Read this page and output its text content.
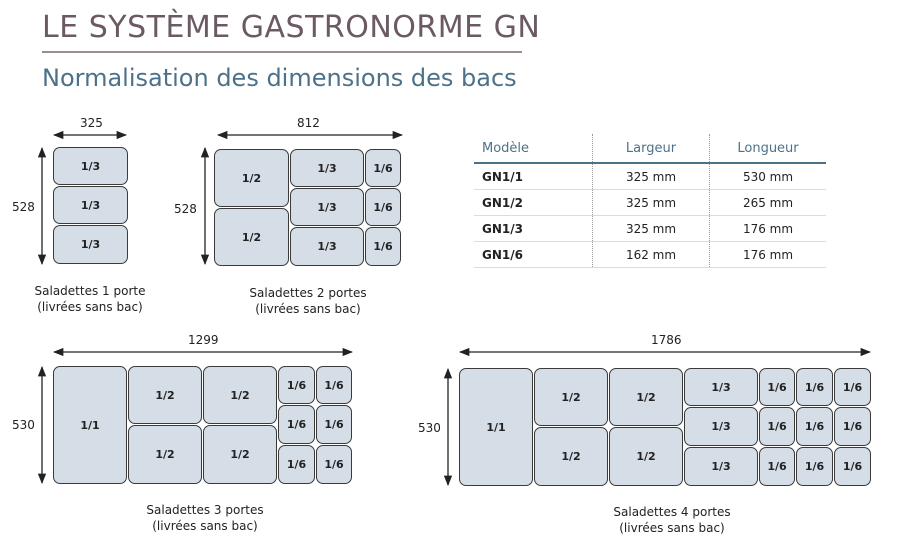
LE SYSTÈME GASTRONORME GN
Normalisation des dimensions des bacs
325
528
1/3
1/3
1/3
Saladettes 1 porte
(livrées sans bac)
812
528
1/2
1/2
1/3
1/3
1/3
1/6
1/6
1/6
Saladettes 2 portes
(livrées sans bac)
Modèle	Largeur	Longueur
GN1/1	325 mm	530 mm
GN1/2	325 mm	265 mm
GN1/3	325 mm	176 mm
GN1/6	162 mm	176 mm
1299
530	1/1
1/2
1/2
1/2
1/2
1/6	1/6
1/6	1/6
1/6	1/6
Saladettes 3 portes
(livrées sans bac)
1786
530	1/1
1/2
1/2
1/2
1/2
1/3
1/3
1/3
1/6	1/6	1/6
1/6	1/6	1/6
1/6	1/6	1/6
Saladettes 4 portes
(livrées sans bac)
